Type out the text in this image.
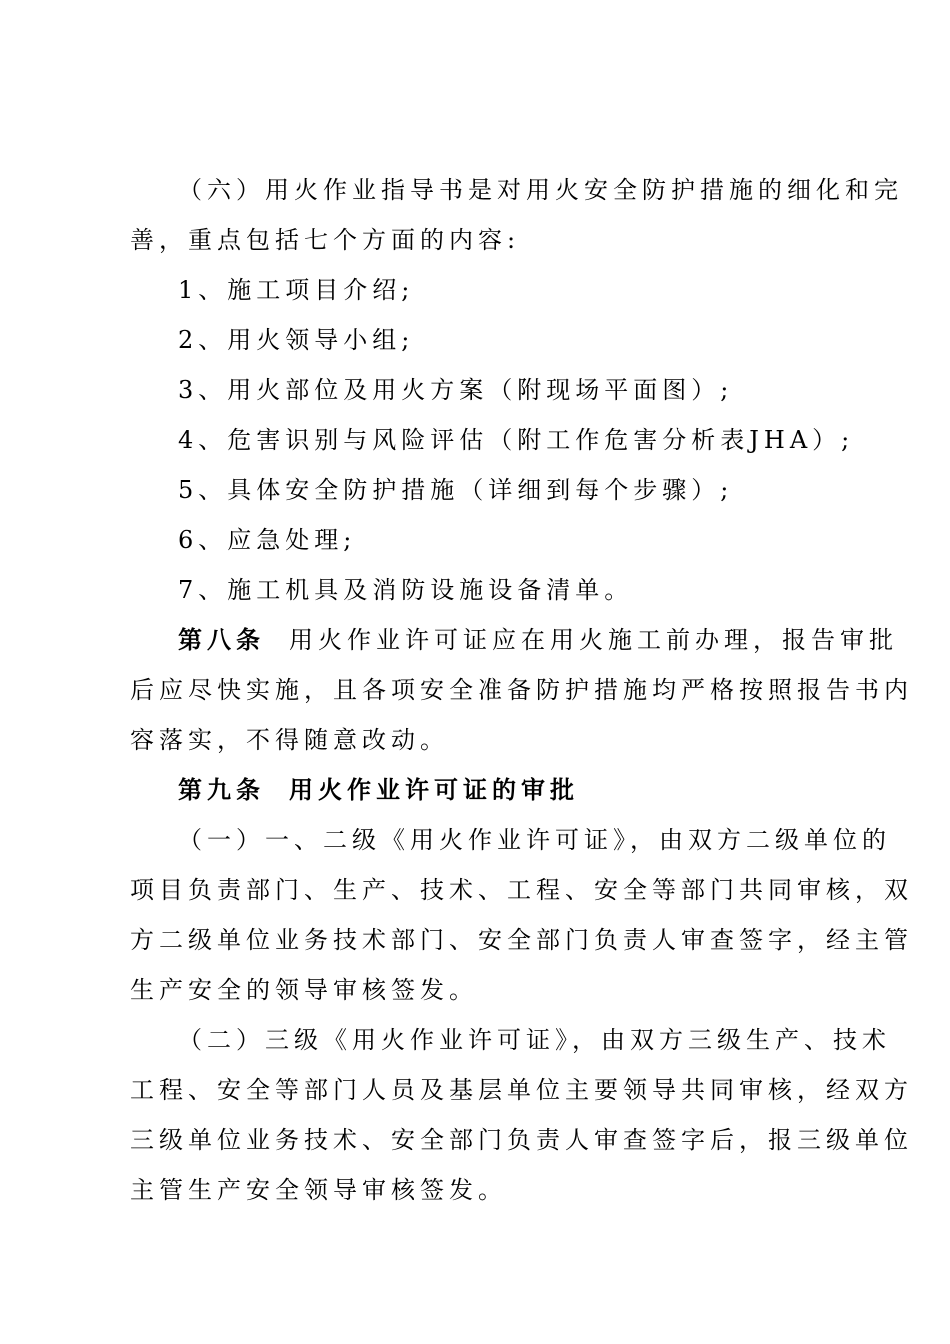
（六）用火作业指导书是对用火安全防护措施的细化和完
善，重点包括七个方面的内容:
1、施工项目介绍;
2、用火领导小组;
3、用火部位及用火方案（附现场平面图）;
4、危害识别与风险评估（附工作危害分析表JHA）;
5、具体安全防护措施（详细到每个步骤）;
6、应急处理;
7、施工机具及消防设施设备清单。
第八条 用火作业许可证应在用火施工前办理，报告审批
后应尽快实施，且各项安全准备防护措施均严格按照报告书内
容落实，不得随意改动。
第九条 用火作业许可证的审批
（一）一、二级《用火作业许可证》，由双方二级单位的
项目负责部门、生产、技术、工程、安全等部门共同审核，双
方二级单位业务技术部门、安全部门负责人审查签字，经主管
生产安全的领导审核签发。
（二）三级《用火作业许可证》，由双方三级生产、技术
工程、安全等部门人员及基层单位主要领导共同审核，经双方
三级单位业务技术、安全部门负责人审查签字后，报三级单位
主管生产安全领导审核签发。
